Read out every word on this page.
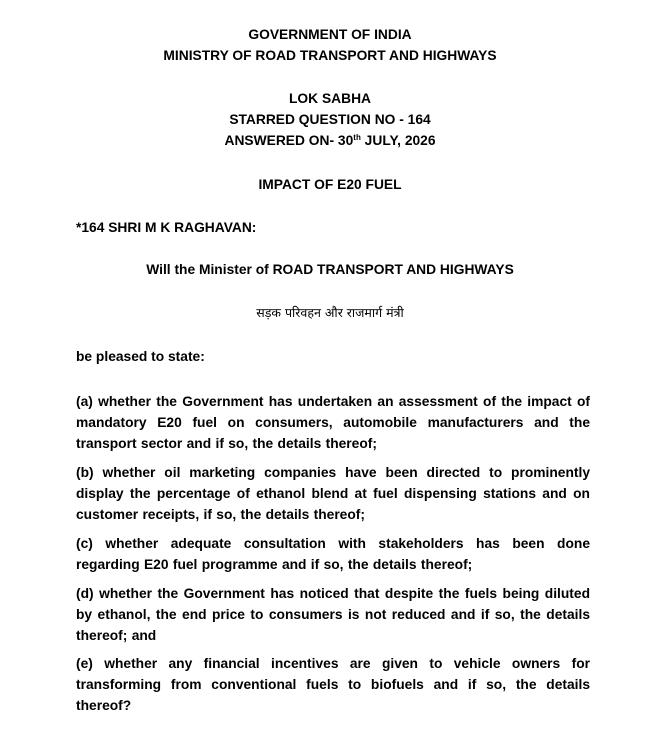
GOVERNMENT OF INDIA
MINISTRY OF ROAD TRANSPORT AND HIGHWAYS
LOK SABHA
STARRED QUESTION NO - 164
ANSWERED ON- 30th JULY, 2026
IMPACT OF E20 FUEL
*164 SHRI M K RAGHAVAN:
Will the Minister of ROAD TRANSPORT AND HIGHWAYS
सड़क परिवहन और राजमार्ग मंत्री
be pleased to state:
(a) whether the Government has undertaken an assessment of the impact of mandatory E20 fuel on consumers, automobile manufacturers and the transport sector and if so, the details thereof;
(b) whether oil marketing companies have been directed to prominently display the percentage of ethanol blend at fuel dispensing stations and on customer receipts, if so, the details thereof;
(c) whether adequate consultation with stakeholders has been done regarding E20 fuel programme and if so, the details thereof;
(d) whether the Government has noticed that despite the fuels being diluted by ethanol, the end price to consumers is not reduced and if so, the details thereof; and
(e) whether any financial incentives are given to vehicle owners for transforming from conventional fuels to biofuels and if so, the details thereof?
